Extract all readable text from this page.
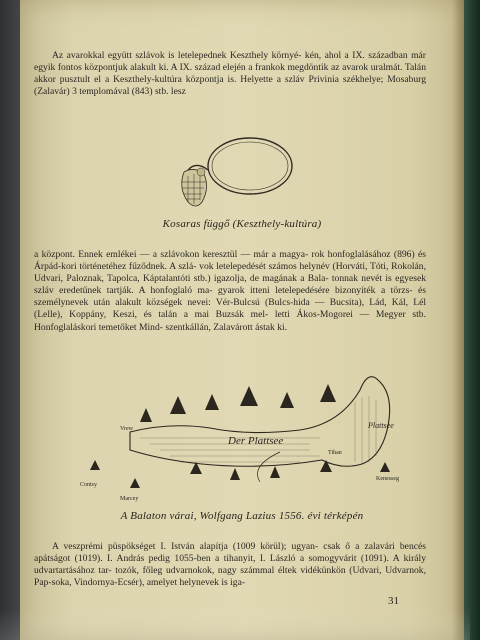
Az avarokkal együtt szlávok is letelepednek Keszthely környé- kén, ahol a IX. században már egyik fontos központjuk alakult ki. A IX. század elején a frankok megdöntik az avarok uralmát. Talán akkor pusztult el a Keszthely-kultúra központja is. Helyette a szláv Privinia székhelye; Mosaburg (Zalavár) 3 templomával (843) stb. lesz

Kosaras függő (Keszthely-kultúra)

a központ. Ennek emlékei — a szlávokon keresztül — már a magya- rok honfoglalásához (896) és Árpád-kori történetéhez fűződnek. A szlá- vok letelepedését számos helynév (Horváti, Tóti, Rokolán, Udvari, Paloznak, Tapolca, Káptalantóti stb.) igazolja, de magának a Bala- tonnak nevét is egyesek szláv eredetűnek tartják. A honfoglaló ma- gyarok itteni letelepedésére bizonyíték a törzs- és személynevek után alakult községek nevei: Vér-Bulcsú (Bulcs-hida — Bucsita), Lád, Kál, Lél (Lelle), Koppány, Keszi, és talán a mai Buzsák mel- letti Ákos-Mogorei — Megyer stb. Honfoglaláskori temetőket Mind- szentkállán, Zalavárott ástak ki.

Der Plattsee
Plattsee
Tihan
Kenesseg
Contsy
Marcey
Vrew
A Balaton várai, Wolfgang Lazius 1556. évi térképén

A veszprémi püspökséget I. István alapítja (1009 körül); ugyan- csak ő a zalavári bencés apátságot (1019). I. András pedig 1055-ben a tihanyit, I. László a somogyvárit (1091). A király udvartartásához tar- tozók, főleg udvarnokok, nagy számmal éltek vidékünkön (Udvari, Udvarnok, Pap-soka, Vindornya-Ecsér), amelyet helynevek is iga-

31
